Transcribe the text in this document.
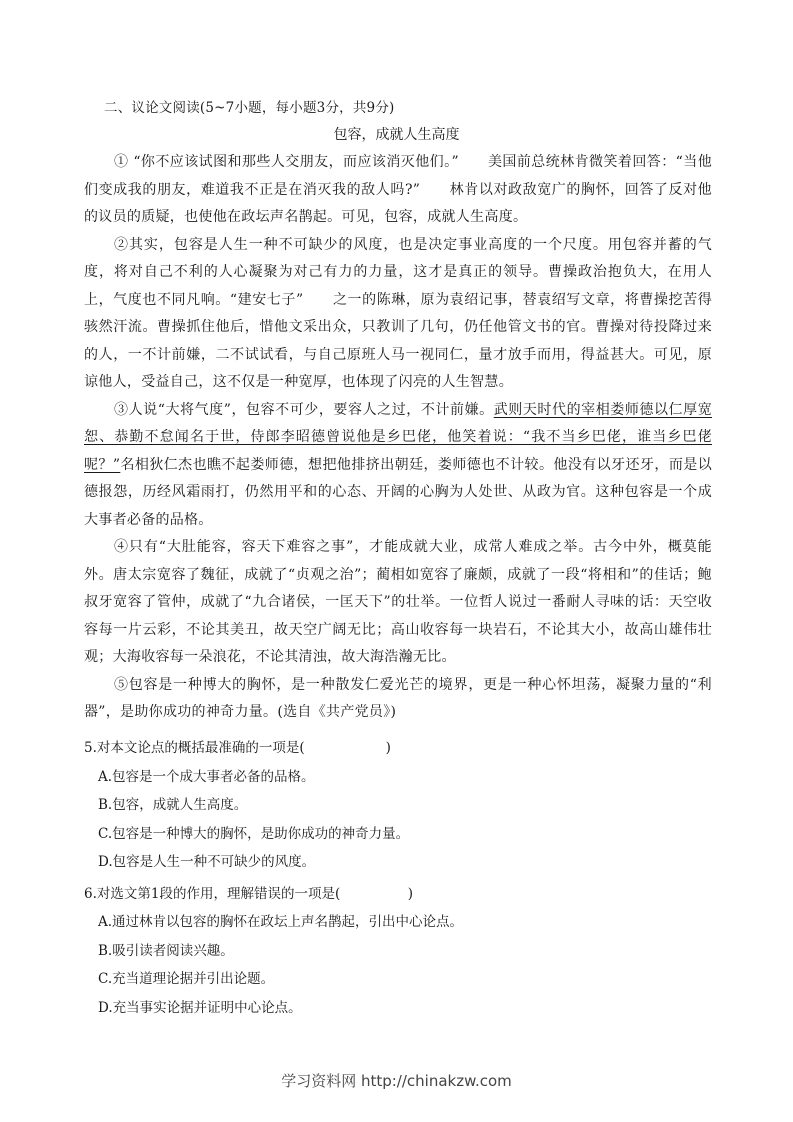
二、议论文阅读(5~7小题，每小题3分，共9分)
包容，成就人生高度

① “你不应该试图和那些人交朋友，而应该消灭他们。”　　美国前总统林肯微笑着回答：“当他们变成我的朋友，难道我不正是在消灭我的敌人吗?”　　林肯以对政敌宽广的胸怀，回答了反对他的议员的质疑，也使他在政坛声名鹊起。可见，包容，成就人生高度。

②其实，包容是人生一种不可缺少的风度，也是决定事业高度的一个尺度。用包容并蓄的气度，将对自己不利的人心凝聚为对己有力的力量，这才是真正的领导。曹操政治抱负大，在用人上，气度也不同凡响。“建安七子”　　之一的陈琳，原为袁绍记事，替袁绍写文章，将曹操挖苦得骇然汗流。曹操抓住他后，惜他文采出众，只教训了几句，仍任他管文书的官。曹操对待投降过来的人，一不计前嫌，二不试试看，与自己原班人马一视同仁，量才放手而用，得益甚大。可见，原谅他人，受益自己，这不仅是一种宽厚，也体现了闪亮的人生智慧。

③人说“大将气度”，包容不可少，要容人之过，不计前嫌。武则天时代的宰相娄师德以仁厚宽恕、恭勤不怠闻名于世，侍郎李昭德曾说他是乡巴佬，他笑着说：“我不当乡巴佬，谁当乡巴佬呢？”名相狄仁杰也瞧不起娄师德，想把他排挤出朝廷，娄师德也不计较。他没有以牙还牙，而是以德报怨，历经风霜雨打，仍然用平和的心态、开阔的心胸为人处世、从政为官。这种包容是一个成大事者必备的品格。

④只有“大肚能容，容天下难容之事”，才能成就大业，成常人难成之举。古今中外，概莫能外。唐太宗宽容了魏征，成就了“贞观之治”；蔺相如宽容了廉颇，成就了一段“将相和”的佳话；鲍叔牙宽容了管仲，成就了“九合诸侯，一匡天下”的壮举。一位哲人说过一番耐人寻味的话：天空收容每一片云彩，不论其美丑，故天空广阔无比；高山收容每一块岩石，不论其大小，故高山雄伟壮观；大海收容每一朵浪花，不论其清浊，故大海浩瀚无比。

⑤包容是一种博大的胸怀，是一种散发仁爱光芒的境界，更是一种心怀坦荡，凝聚力量的“利器”，是助你成功的神奇力量。(选自《共产党员》)

5.对本文论点的概括最准确的一项是(　　　　　　)

A.包容是一个成大事者必备的品格。

B.包容，成就人生高度。

C.包容是一种博大的胸怀，是助你成功的神奇力量。

D.包容是人生一种不可缺少的风度。

6.对选文第1段的作用，理解错误的一项是(　　　　　)

A.通过林肯以包容的胸怀在政坛上声名鹊起，引出中心论点。

B.吸引读者阅读兴趣。

C.充当道理论据并引出论题。

D.充当事实论据并证明中心论点。

学习资料网 http://chinakzw.com
